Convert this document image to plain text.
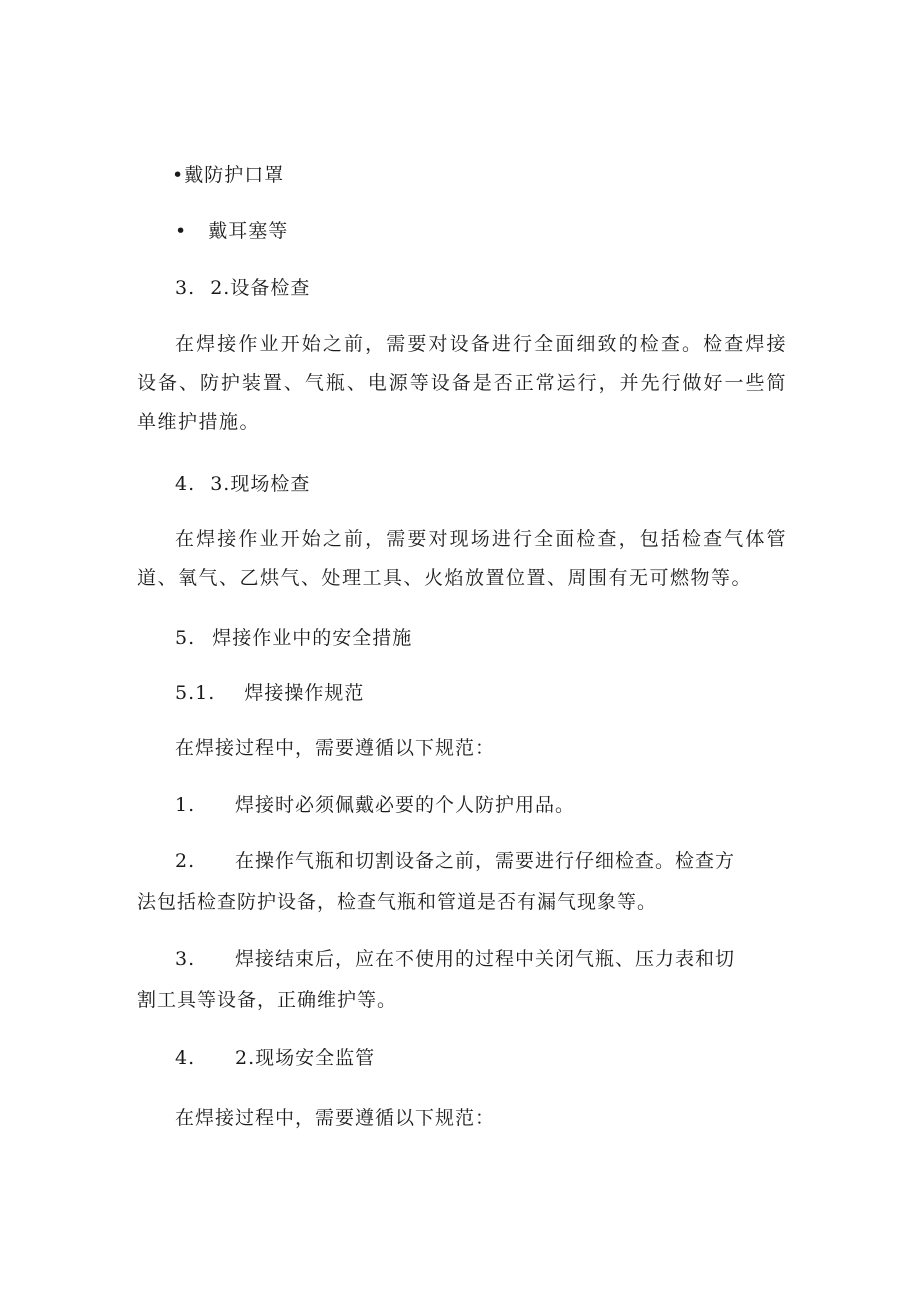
•戴防护口罩
• 戴耳塞等
3. 2.设备检查
在焊接作业开始之前，需要对设备进行全面细致的检查。检查焊接设备、防护装置、气瓶、电源等设备是否正常运行，并先行做好一些简单维护措施。
4. 3.现场检查
在焊接作业开始之前，需要对现场进行全面检查，包括检查气体管道、氧气、乙烘气、处理工具、火焰放置位置、周围有无可燃物等。
5. 焊接作业中的安全措施
5.1. 焊接操作规范
在焊接过程中，需要遵循以下规范：
1. 焊接时必须佩戴必要的个人防护用品。
2. 在操作气瓶和切割设备之前，需要进行仔细检查。检查方
法包括检查防护设备，检查气瓶和管道是否有漏气现象等。
3. 焊接结束后，应在不使用的过程中关闭气瓶、压力表和切
割工具等设备，正确维护等。
4. 2.现场安全监管
在焊接过程中，需要遵循以下规范：
